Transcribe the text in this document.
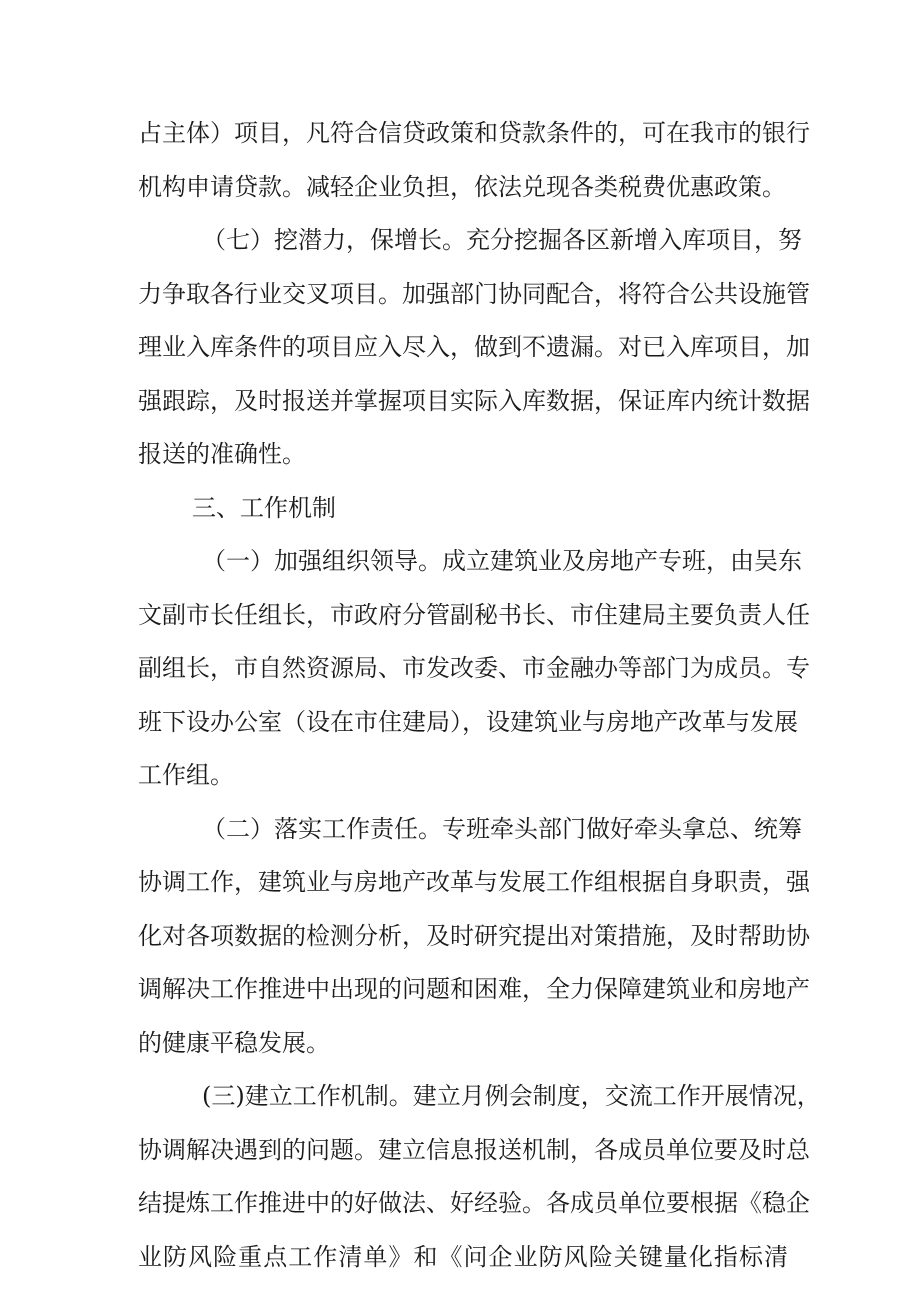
占主体）项目，凡符合信贷政策和贷款条件的，可在我市的银行
机构申请贷款。减轻企业负担，依法兑现各类税费优惠政策。
（七）挖潜力，保增长。充分挖掘各区新增入库项目，努
力争取各行业交叉项目。加强部门协同配合，将符合公共设施管
理业入库条件的项目应入尽入，做到不遗漏。对已入库项目，加
强跟踪，及时报送并掌握项目实际入库数据，保证库内统计数据
报送的准确性。
三、工作机制
（一）加强组织领导。成立建筑业及房地产专班，由吴东
文副市长任组长，市政府分管副秘书长、市住建局主要负责人任
副组长，市自然资源局、市发改委、市金融办等部门为成员。专
班下设办公室（设在市住建局），设建筑业与房地产改革与发展
工作组。
（二）落实工作责任。专班牵头部门做好牵头拿总、统筹
协调工作，建筑业与房地产改革与发展工作组根据自身职责，强
化对各项数据的检测分析，及时研究提出对策措施，及时帮助协
调解决工作推进中出现的问题和困难，全力保障建筑业和房地产
的健康平稳发展。
(三)建立工作机制。建立月例会制度，交流工作开展情况，
协调解决遇到的问题。建立信息报送机制，各成员单位要及时总
结提炼工作推进中的好做法、好经验。各成员单位要根据《稳企
业防风险重点工作清单》和《问企业防风险关键量化指标清
